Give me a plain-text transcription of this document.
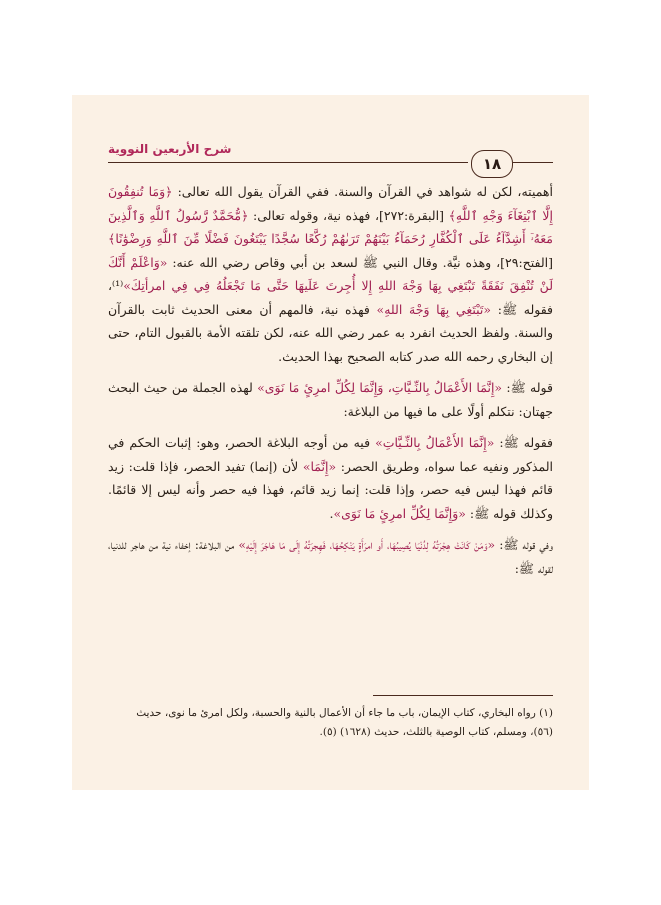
شرح الأربعين النووية
١٨

أهميته، لكن له شواهد في القرآن والسنة. ففي القرآن يقول الله تعالى: ﴿وَمَا تُنفِقُونَ إِلَّا ٱبْتِغَآءَ وَجْهِ ٱللَّهِ﴾ [البقرة:٢٧٢]، فهذه نية، وقوله تعالى: ﴿مُّحَمَّدٌ رَّسُولُ ٱللَّهِ وَٱلَّذِينَ مَعَهُۥٓ أَشِدَّآءُ عَلَى ٱلْكُفَّارِ رُحَمَآءُ بَيْنَهُمْ تَرَىٰهُمْ رُكَّعًا سُجَّدًا يَبْتَغُونَ فَضْلًا مِّنَ ٱللَّهِ وَرِضْوَٰنًا﴾ [الفتح:٢٩]، وهذه نيَّة. وقال النبي ﷺ لسعد بن أبي وقاص رضي الله عنه: «وَاعْلَمْ أَنَّكَ لَنْ تُنْفِقَ نَفَقَةً تَبْتَغِي بِهَا وَجْهَ اللهِ إِلا أُجِرتَ عَلَيهَا حَتَّى مَا تَجْعَلُهُ فِي فِي امرأتِكَ»⁽¹⁾، فقوله ﷺ: «تَبْتَغِي بِهَا وَجْهَ اللهِ» فهذه نية، فالمهم أن معنى الحديث ثابت بالقرآن والسنة. ولفظ الحديث انفرد به عمر رضي الله عنه، لكن تلقته الأمة بالقبول التام، حتى إن البخاري رحمه الله صدر كتابه الصحيح بهذا الحديث.

قوله ﷺ: «إِنَّمَا الأَعْمَالُ بِالنِّـيَّاتِ، وَإِنَّمَا لِكُلِّ امرِئٍ مَا نَوَى» لهذه الجملة من حيث البحث جهتان: نتكلم أولًا على ما فيها من البلاغة:

فقوله ﷺ: «إِنَّمَا الأَعْمَالُ بِالنِّـيَّاتِ» فيه من أوجه البلاغة الحصر، وهو: إثبات الحكم في المذكور ونفيه عما سواه، وطريق الحصر: «إِنَّمَا» لأن (إنما) تفيد الحصر، فإذا قلت: زيد قائم فهذا ليس فيه حصر، وإذا قلت: إنما زيد قائم، فهذا فيه حصر وأنه ليس إلا قائمًا. وكذلك قوله ﷺ: «وَإِنَّمَا لِكُلِّ امرِئٍ مَا نَوَى».

وفي قوله ﷺ: «وَمَنْ كَانَتْ هِجْرَتُهُ لِدُنْيَا يُصِيبُهَا، أَو امرَأَةٍ يَنْكِحُهَا، فَهِجرَتُهُ إِلَى مَا هَاجَرَ إِلَيْهِ» من البلاغة: إخفاء نية من هاجر للدنيا، لقوله ﷺ:

(١) رواه البخاري، كتاب الإيمان، باب ما جاء أن الأعمال بالنية والحسبة، ولكل امرئ ما نوى، حديث
(٥٦)، ومسلم، كتاب الوصية بالثلث، حديث (١٦٢٨) (٥).
